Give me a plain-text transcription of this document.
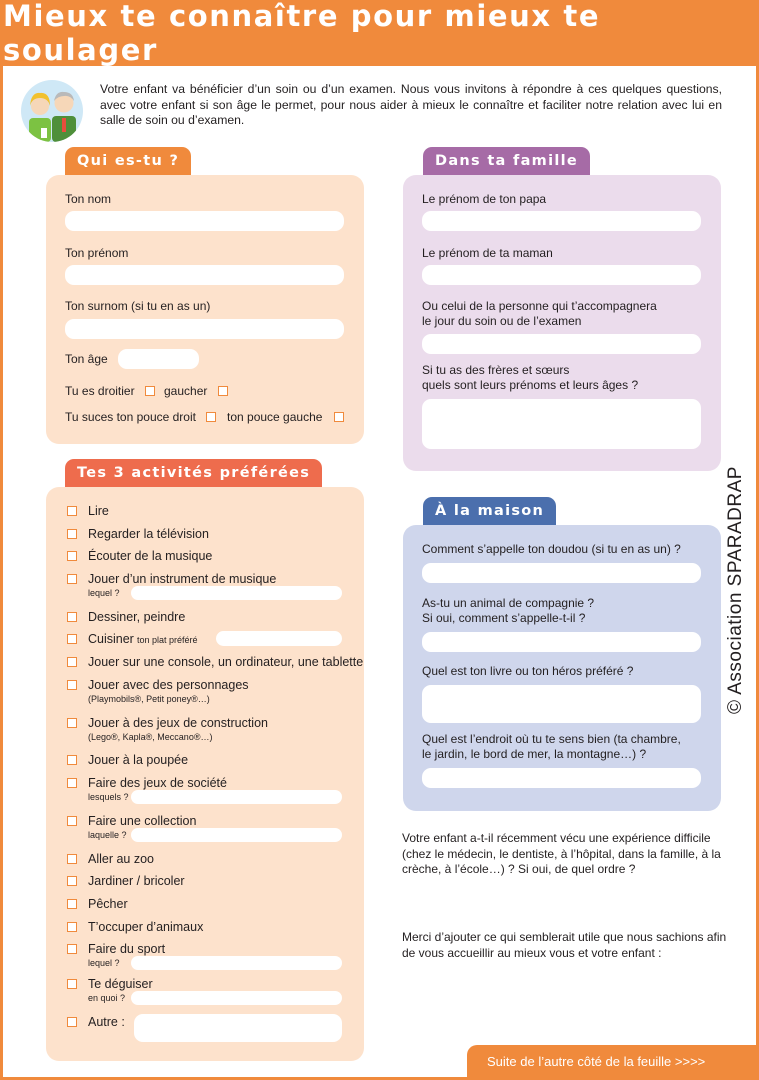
Mieux te connaître pour mieux te soulager
Votre enfant va bénéficier d’un soin ou d’un examen. Nous vous invitons à répondre à ces quelques questions, avec votre enfant si son âge le permet, pour nous aider à mieux le connaître et faciliter notre relation avec lui en salle de soin ou d’examen.
Qui es-tu ?
Ton nom
Ton prénom
Ton surnom (si tu en as un)
Ton âge
Tu es droitier gaucher
Tu suces ton pouce droit	ton pouce gauche
Dans ta famille
Le prénom de ton papa
Le prénom de ta maman
Ou celui de la personne qui t’accompagnera
le jour du soin ou de l’examen
Si tu as des frères et sœurs
quels sont leurs prénoms et leurs âges ?
Tes 3 activités préférées
Lire
Regarder la télévision
Écouter de la musique
Jouer d’un instrument de musique
lequel ?
Dessiner, peindre
Cuisiner ton plat préféré
Jouer sur une console, un ordinateur, une tablette
Jouer avec des personnages
(Playmobils®, Petit poney®…)
Jouer à des jeux de construction
(Lego®, Kapla®, Meccano®…)
Jouer à la poupée
Faire des jeux de société
lesquels ?
Faire une collection
laquelle ?
Aller au zoo
Jardiner / bricoler
Pêcher
T’occuper d’animaux
Faire du sport
lequel ?
Te déguiser
en quoi ?
Autre :
À la maison
Comment s’appelle ton doudou (si tu en as un) ?
As-tu un animal de compagnie ?
Si oui, comment s’appelle-t-il ?
Quel est ton livre ou ton héros préféré ?
Quel est l’endroit où tu te sens bien (ta chambre,
le jardin, le bord de mer, la montagne…) ?
Votre enfant a-t-il récemment vécu une expérience difficile (chez le médecin, le dentiste, à l’hôpital, dans la famille, à la crèche, à l’école…) ? Si oui, de quel ordre ?
Merci d’ajouter ce qui semblerait utile que nous sachions afin de vous accueillir au mieux vous et votre enfant :
© Association SPARADRAP
Suite de l’autre côté de la feuille >>>>
